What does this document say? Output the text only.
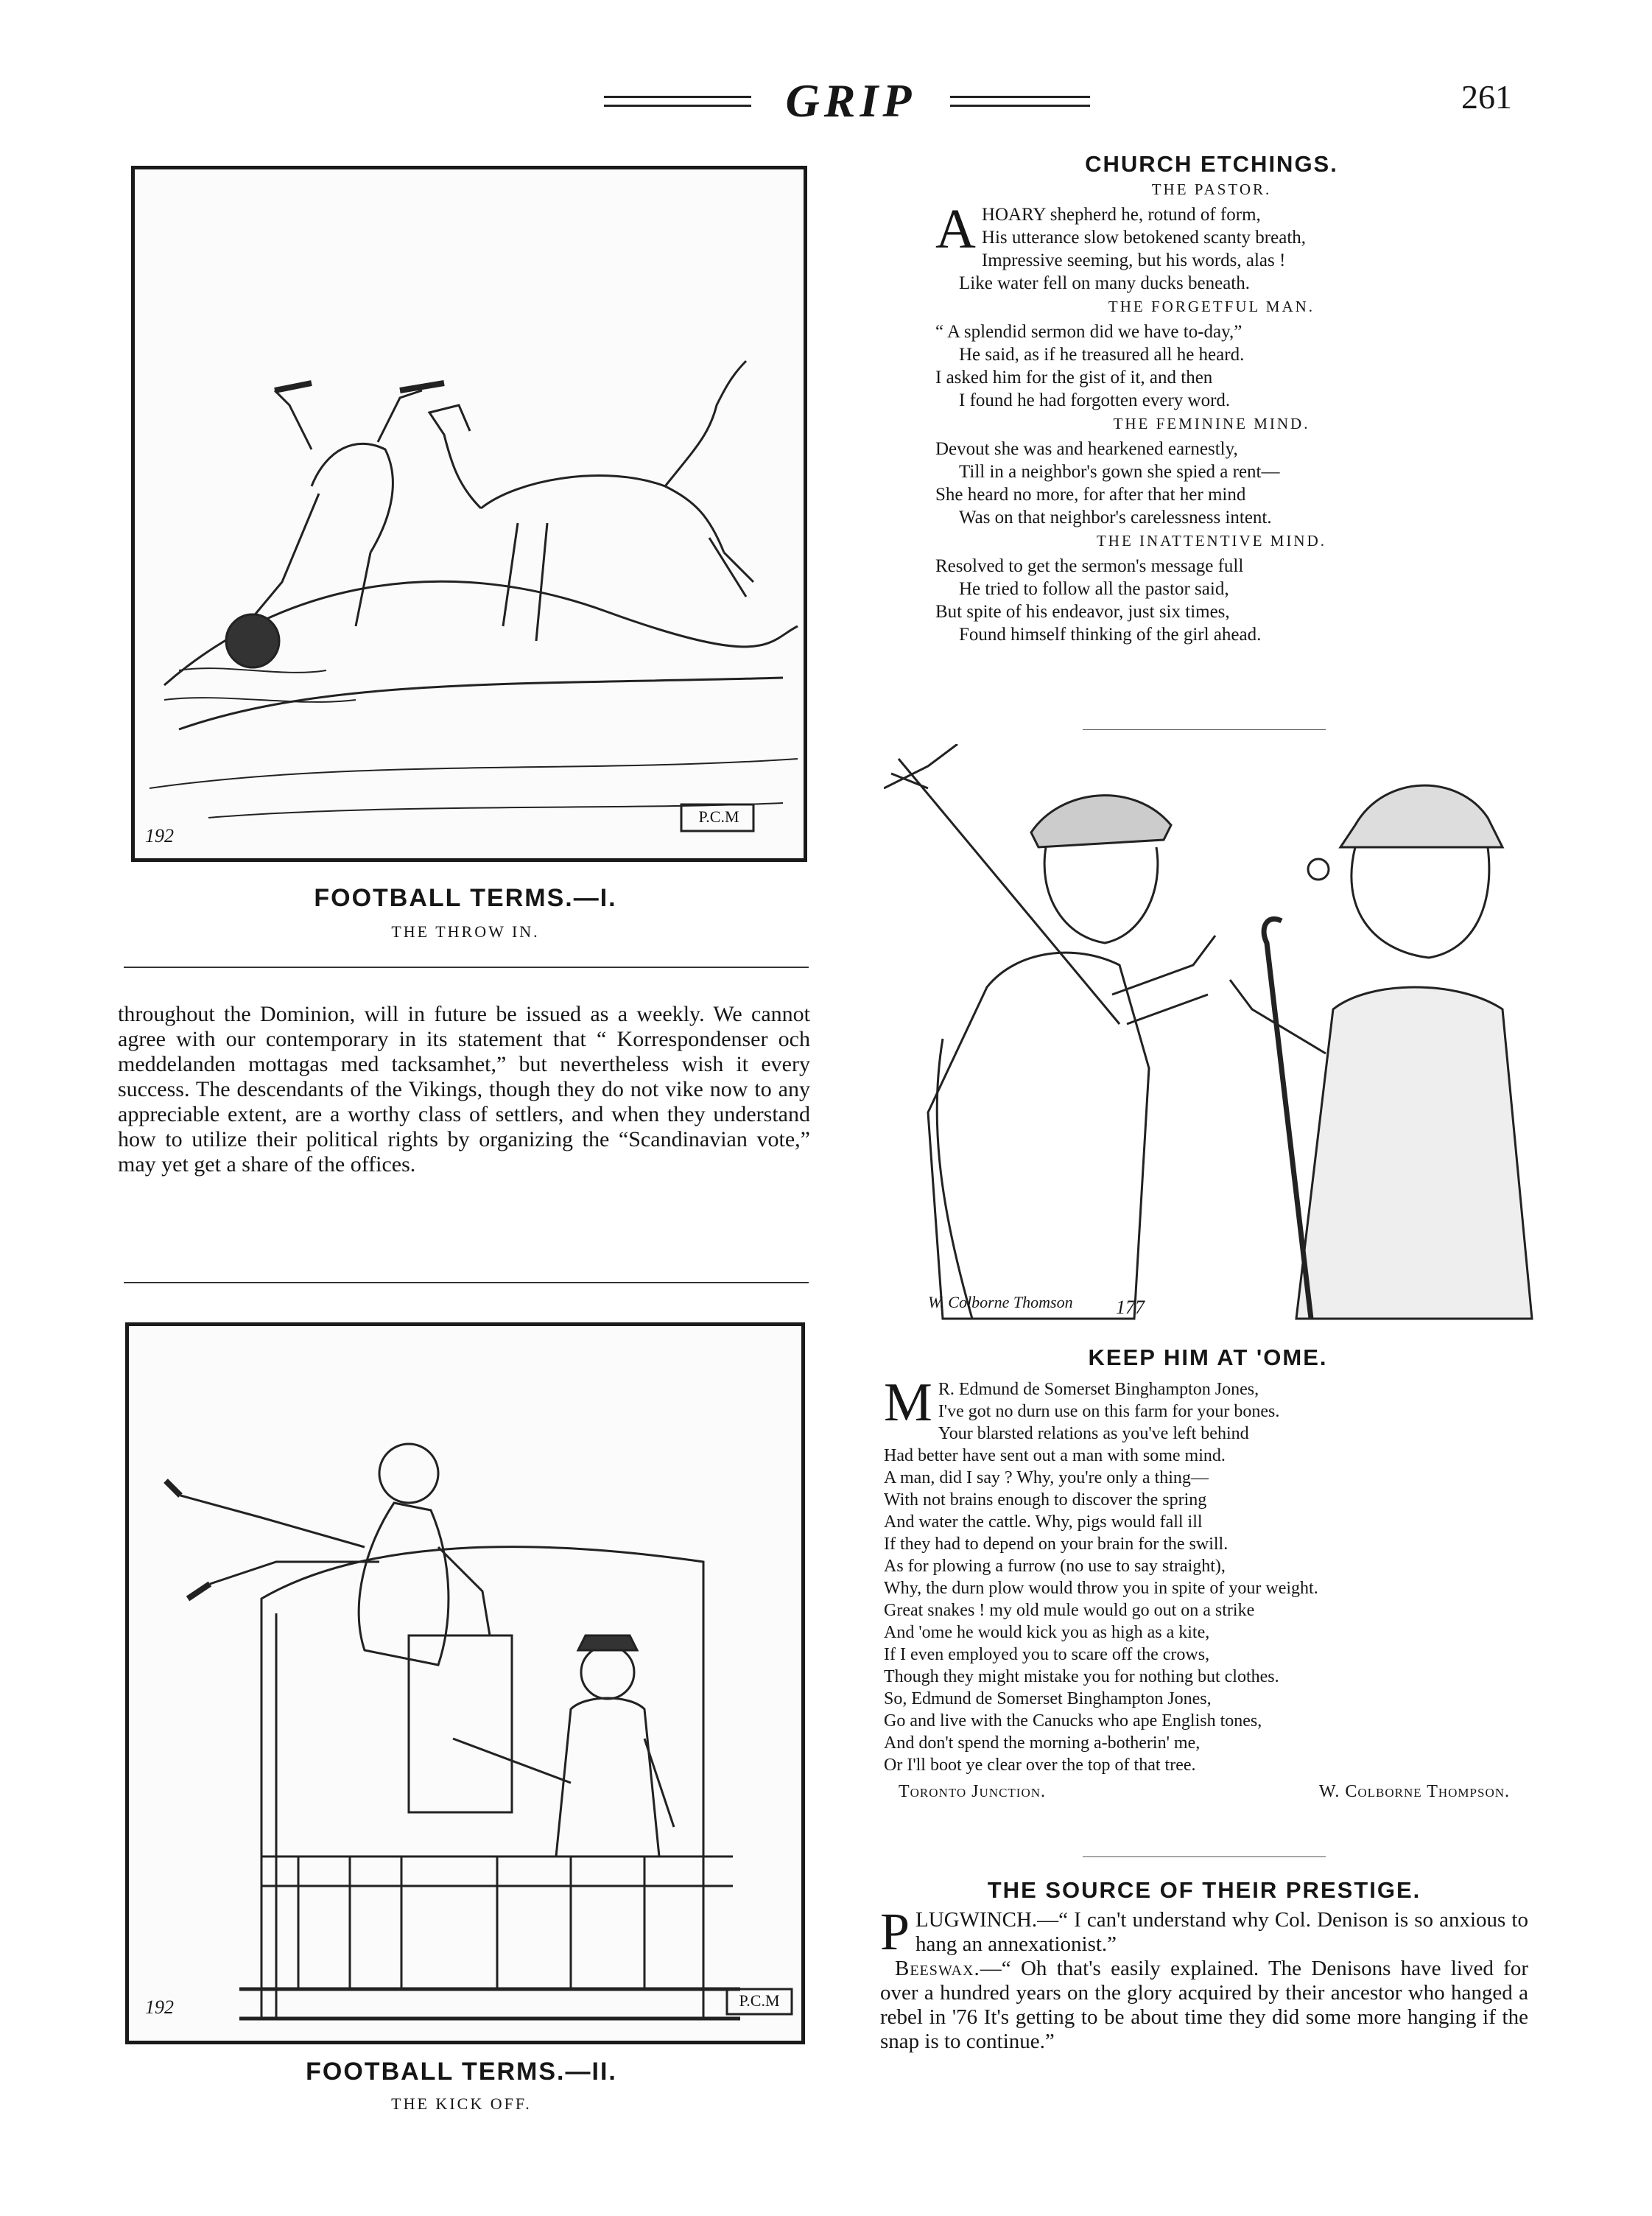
GRIP	261
P.C.M
192
FOOTBALL TERMS.—I.
THE THROW IN.
throughout the Dominion, will in future be issued as a weekly. We cannot agree with our contemporary in its statement that “ Korrespondenser och meddelanden mottagas med tacksamhet,” but nevertheless wish it every success. The descendants of the Vikings, though they do not vike now to any appreciable extent, are a worthy class of settlers, and when they understand how to utilize their political rights by organizing the “Scandinavian vote,” may yet get a share of the offices.
P.C.M
192
FOOTBALL TERMS.—II.
THE KICK OFF.
CHURCH ETCHINGS.
THE PASTOR.
A HOARY shepherd he, rotund of form,
His utterance slow betokened scanty breath,
Impressive seeming, but his words, alas !
Like water fell on many ducks beneath.
THE FORGETFUL MAN.
“ A splendid sermon did we have to-day,”
He said, as if he treasured all he heard.
I asked him for the gist of it, and then
I found he had forgotten every word.
THE FEMININE MIND.
Devout she was and hearkened earnestly,
Till in a neighbor's gown she spied a rent—
She heard no more, for after that her mind
Was on that neighbor's carelessness intent.
THE INATTENTIVE MIND.
Resolved to get the sermon's message full
He tried to follow all the pastor said,
But spite of his endeavor, just six times,
Found himself thinking of the girl ahead.
W. Colborne Thomson 177
KEEP HIM AT 'OME.
M R. Edmund de Somerset Binghampton Jones,
I've got no durn use on this farm for your bones.
Your blarsted relations as you've left behind
Had better have sent out a man with some mind.
A man, did I say ? Why, you're only a thing—
With not brains enough to discover the spring
And water the cattle. Why, pigs would fall ill
If they had to depend on your brain for the swill.
As for plowing a furrow (no use to say straight),
Why, the durn plow would throw you in spite of your weight.
Great snakes ! my old mule would go out on a strike
And 'ome he would kick you as high as a kite,
If I even employed you to scare off the crows,
Though they might mistake you for nothing but clothes.
So, Edmund de Somerset Binghampton Jones,
Go and live with the Canucks who ape English tones,
And don't spend the morning a-botherin' me,
Or I'll boot ye clear over the top of that tree.
Toronto Junction.	W. Colborne Thompson.
THE SOURCE OF THEIR PRESTIGE.
PLUGWINCH.—“ I can't understand why Col. Denison is so anxious to hang an annexationist.”
Beeswax.—“ Oh that's easily explained. The Denisons have lived for over a hundred years on the glory acquired by their ancestor who hanged a rebel in '76 It's getting to be about time they did some more hanging if the snap is to continue.”
